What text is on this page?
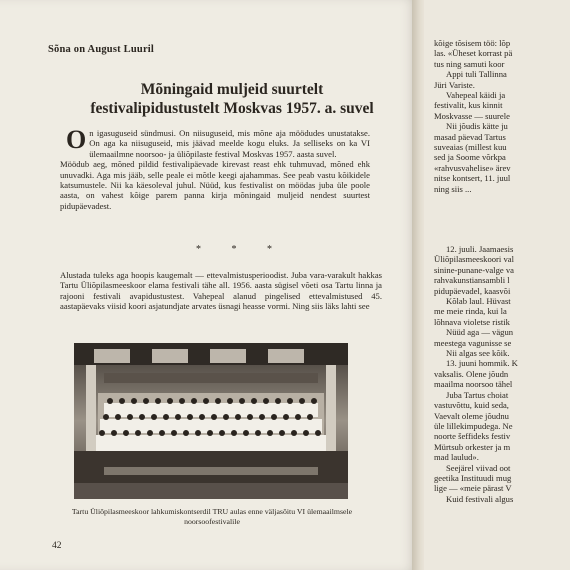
Sõna on August Luuril
Mõningaid muljeid suurtelt
festivalipidustustelt Moskvas 1957. a. suvel
On igasuguseid sündmusi. On niisuguseid, mis mõne aja möödudes unustatakse. On aga ka niisuguseid, mis jäävad meelde kogu eluks. Ja selliseks on ka VI ülemaailmne noorsoo- ja üliõpilaste festival Moskvas 1957. aasta suvel.
Möödub aeg, mõned pildid festivalipäevade kirevast reast ehk tuhmuvad, mõned ehk unuvadki. Aga mis jääb, selle peale ei mõtle keegi ajahammas. See peab vastu kõikidele katsumustele. Nii ka käesoleval juhul. Nüüd, kus festivalist on möödas juba üle poole aasta, on vahest kõige parem panna kirja mõningaid muljeid nendest suurtest pidupäevadest.
* * *
Alustada tuleks aga hoopis kaugemalt — ettevalmistusperioodist. Juba vara-varakult hakkas Tartu Üliõpilasmeeskoor elama festivali tähe all. 1956. aasta sügisel võeti osa Tartu linna ja rajooni festivali avapidustustest. Vahepeal alanud pingelised ettevalmistused 45. aastapäevaks viisid koori asjatundjate arvates üsnagi heasse vormi. Ning siis läks lahti see
Tartu Üliõpilasmeeskoor lahkumiskontserdil TRU aulas enne väljasõitu VI ülemaailmsele noorsoofestivalile
42
kõige tõsisem töö: lõp
las. «Üheset korrast pä
tus ning samuti koor
Appi tuli Tallinna
Jüri Variste.
Vahepeal käidi ja
festivalit, kus kinnit
Moskvasse — suurele
Nii jõudis kätte ju
masad päevad Tartus
suveaias (millest kuu
sed ja Soome võrkpa
«rahvusvahelise» ärev
nitse kontsert, 11. juul
ning siis ...
12. juuli. Jaamaesis
Üliõpilasmeeskoori val
sinine-punane-valge va
rahvakunstiansambli l
pidupäevadel, kaasvõi
Kõlab laul. Hüvast
me meie rinda, kui la
lõhnava violetse ristik
Nüüd aga — vägun
meestega vagunisse se
Nii algas see kõik.
13. juuni hommik. K
vaksalis. Olene jõudn
maailma noorsoo tähel
Juba Tartus choiat
vastuvõttu, kuid seda,
Vaevalt oleme jõudnu
üle lillekimpudega. Ne
noorte šeffideks festiv
Mürtsub orkester ja m
mad laulud».
Seejärel viivad oot
geetika Instituudi mug
lige — «meie pärast V
Kuid festivali algus
